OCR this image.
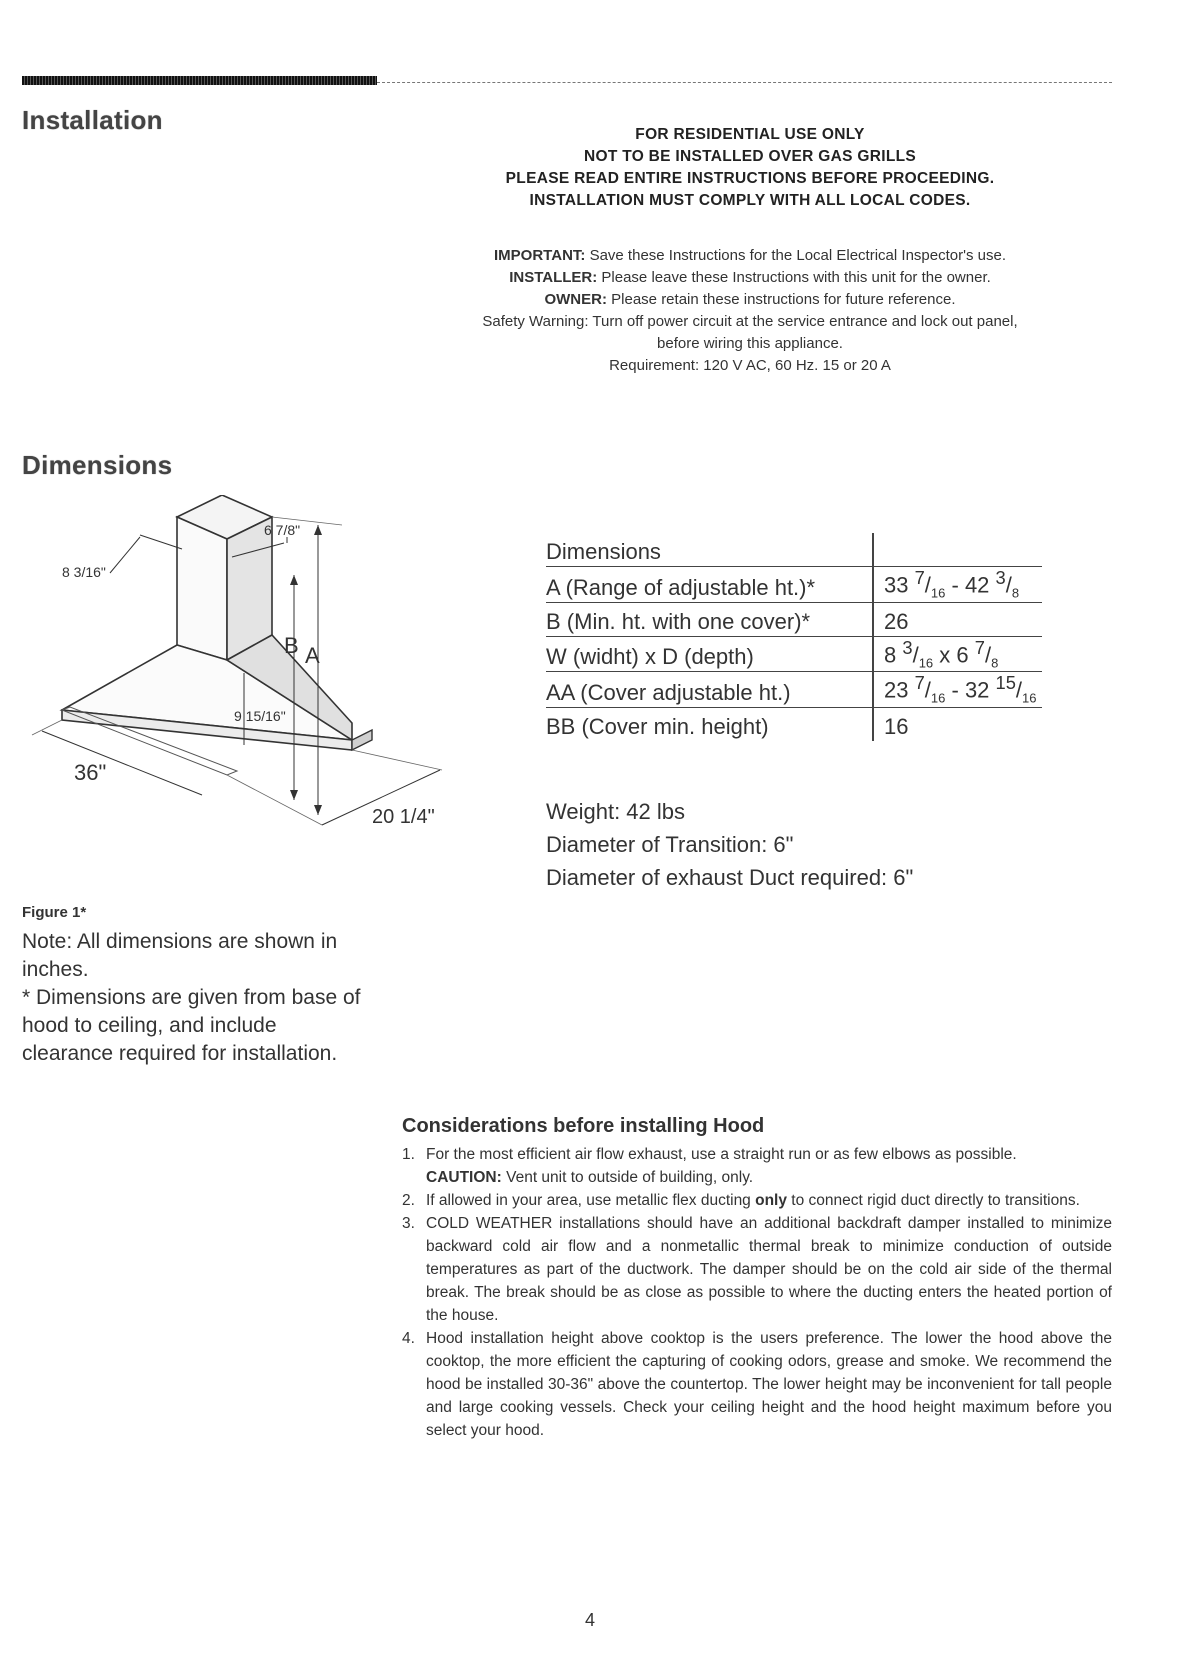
Installation	FOR RESIDENTIAL USE ONLY
NOT TO BE INSTALLED OVER GAS GRILLS
PLEASE READ ENTIRE INSTRUCTIONS BEFORE PROCEEDING.
INSTALLATION MUST COMPLY WITH ALL LOCAL CODES.
IMPORTANT: Save these Instructions for the Local Electrical Inspector's use.
INSTALLER: Please leave these Instructions with this unit for the owner.
OWNER: Please retain these instructions for future reference.
Safety Warning: Turn off power circuit at the service entrance and lock out panel,
before wiring this appliance.
Requirement: 120 V AC, 60 Hz. 15 or 20 A
Dimensions
6 7/8"
8 3/16"
B A
9 15/16"
36"
20 1/4"
Figure 1*

Note: All dimensions are shown in inches.

* Dimensions are given from base of hood to ceiling, and include clearance required for installation.

Dimensions	
A (Range of adjustable ht.)*	33 $^7/_{16} - 42$ $^3/_8$
B (Min. ht. with one cover)*	26
W (widht) x D (depth)	8 $^3/_{16}$ x 6 $^7/_8$
AA (Cover adjustable ht.)	23 $^7/_{16} - 32$ $^{15}/_{16}$
BB (Cover min. height)	16
Weight: 42 lbs
Diameter of Transition: 6"
Diameter of exhaust Duct required: 6"
Considerations before installing Hood
1. For the most efficient air flow exhaust, use a straight run or as few elbows as possible.
CAUTION: Vent unit to outside of building, only.
2. If allowed in your area, use metallic flex ducting only to connect rigid duct directly to transitions.
3. COLD WEATHER installations should have an additional backdraft damper installed to minimize backward cold air flow and a nonmetallic thermal break to minimize conduction of outside temperatures as part of the ductwork. The damper should be on the cold air side of the thermal break. The break should be as close as possible to where the ducting enters the heated portion of the house.
4. Hood installation height above cooktop is the users preference. The lower the hood above the cooktop, the more efficient the capturing of cooking odors, grease and smoke. We recommend the hood be installed 30-36" above the countertop. The lower height may be inconvenient for tall people and large cooking vessels. Check your ceiling height and the hood height maximum before you select your hood.
4
